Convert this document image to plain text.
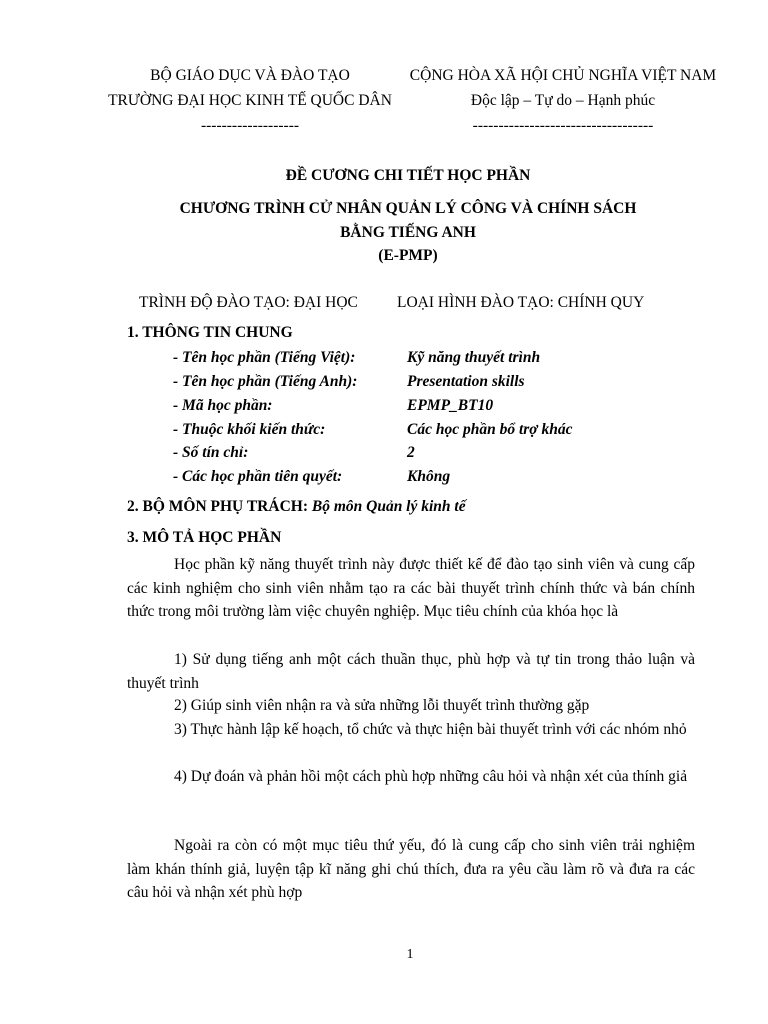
BỘ GIÁO DỤC VÀ ĐÀO TẠO
TRƯỜNG ĐẠI HỌC KINH TẾ QUỐC DÂN
-------------------
CỘNG HÒA XÃ HỘI CHỦ NGHĨA VIỆT NAM
Độc lập – Tự do – Hạnh phúc
-----------------------------------
ĐỀ CƯƠNG CHI TIẾT HỌC PHẦN
CHƯƠNG TRÌNH CỬ NHÂN QUẢN LÝ CÔNG VÀ CHÍNH SÁCH
BẰNG TIẾNG ANH
(E-PMP)
TRÌNH ĐỘ ĐÀO TẠO: ĐẠI HỌC	LOẠI HÌNH ĐÀO TẠO: CHÍNH QUY
1. THÔNG TIN CHUNG
- Tên học phần (Tiếng Việt):	Kỹ năng thuyết trình
- Tên học phần (Tiếng Anh):	Presentation skills
- Mã học phần:	EPMP_BT10
- Thuộc khối kiến thức:	Các học phần bổ trợ khác
- Số tín chỉ:	2
- Các học phần tiên quyết:	Không
2. BỘ MÔN PHỤ TRÁCH: Bộ môn Quản lý kinh tế
3. MÔ TẢ HỌC PHẦN
Học phần kỹ năng thuyết trình này được thiết kế để đào tạo sinh viên và cung cấp các kinh nghiệm cho sinh viên nhằm tạo ra các bài thuyết trình chính thức và bán chính thức trong môi trường làm việc chuyên nghiệp. Mục tiêu chính của khóa học là
1) Sử dụng tiếng anh một cách thuần thục, phù hợp và tự tin trong thảo luận và thuyết trình
2) Giúp sinh viên nhận ra và sửa những lỗi thuyết trình thường gặp
3) Thực hành lập kế hoạch, tổ chức và thực hiện bài thuyết trình với các nhóm nhỏ
4) Dự đoán và phản hồi một cách phù hợp những câu hỏi và nhận xét của thính giả
Ngoài ra còn có một mục tiêu thứ yếu, đó là cung cấp cho sinh viên trải nghiệm làm khán thính giả, luyện tập kĩ năng ghi chú thích, đưa ra yêu cầu làm rõ và đưa ra các câu hỏi và nhận xét phù hợp
1
